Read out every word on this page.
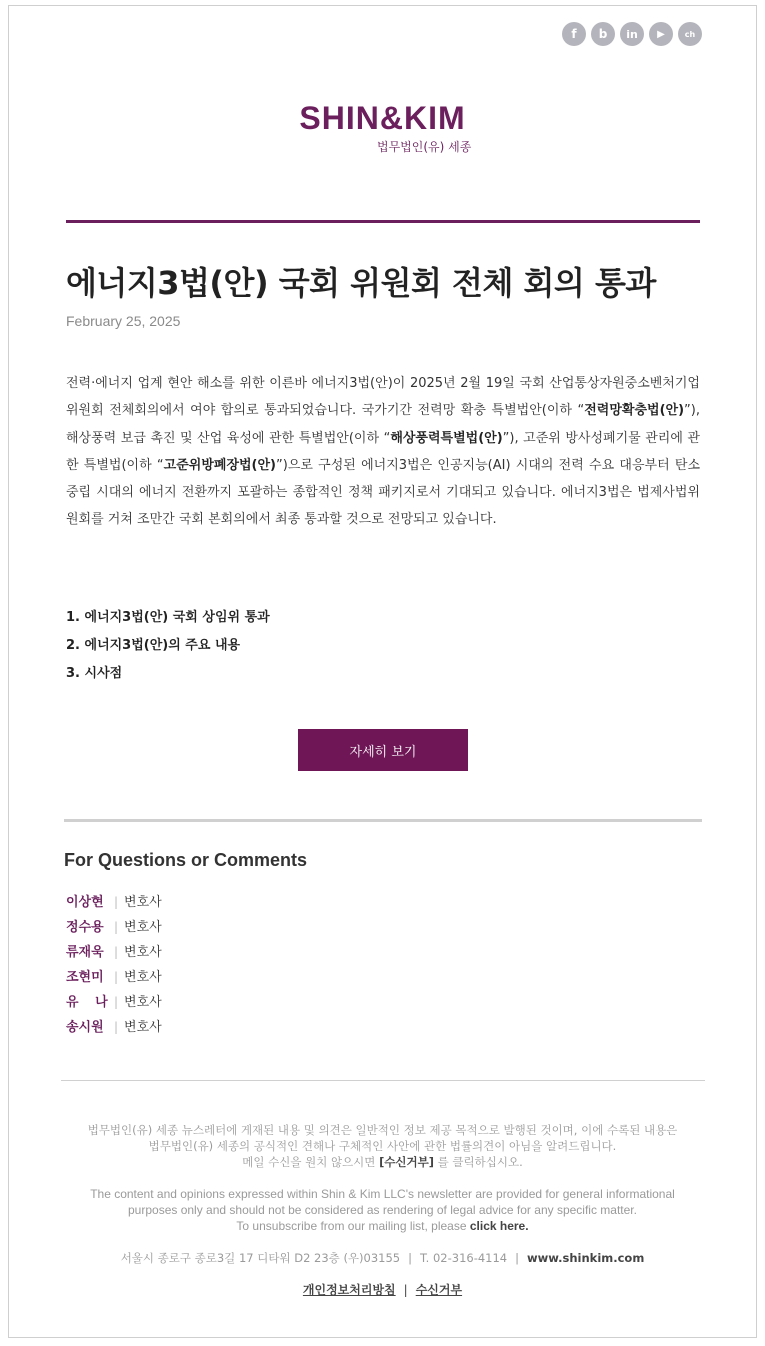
f	b	in	▶	ch
SHIN&KIM
법무법인(유) 세종
에너지3법(안) 국회 위원회 전체 회의 통과
February 25, 2025
전력·에너지 업계 현안 해소를 위한 이른바 에너지3법(안)이 2025년 2월 19일 국회 산업통상자원중소벤처기업위원회 전체회의에서 여야 합의로 통과되었습니다. 국가기간 전력망 확충 특별법안(이하 “전력망확충법(안)”), 해상풍력 보급 촉진 및 산업 육성에 관한 특별법안(이하 “해상풍력특별법(안)”), 고준위 방사성폐기물 관리에 관한 특별법(이하 “고준위방폐장법(안)”)으로 구성된 에너지3법은 인공지능(AI) 시대의 전력 수요 대응부터 탄소중립 시대의 에너지 전환까지 포괄하는 종합적인 정책 패키지로서 기대되고 있습니다. 에너지3법은 법제사법위원회를 거쳐 조만간 국회 본회의에서 최종 통과할 것으로 전망되고 있습니다.
1. 에너지3법(안) 국회 상임위 통과
2. 에너지3법(안)의 주요 내용
3. 시사점
자세히 보기
For Questions or Comments
이상현 | 변호사
정수용 | 변호사
류재욱 | 변호사
조현미 | 변호사
유 나 | 변호사
송시원 | 변호사
법무법인(유) 세종 뉴스레터에 게재된 내용 및 의견은 일반적인 정보 제공 목적으로 발행된 것이며, 이에 수록된 내용은
법무법인(유) 세종의 공식적인 견해나 구체적인 사안에 관한 법률의견이 아님을 알려드립니다.
메일 수신을 원치 않으시면 [수신거부] 를 클릭하십시오.
The content and opinions expressed within Shin & Kim LLC's newsletter are provided for general informational
purposes only and should not be considered as rendering of legal advice for any specific matter.
To unsubscribe from our mailing list, please click here.
서울시 종로구 종로3길 17 디타워 D2 23층 (우)03155 | T. 02-316-4114 | www.shinkim.com
개인정보처리방침 | 수신거부
